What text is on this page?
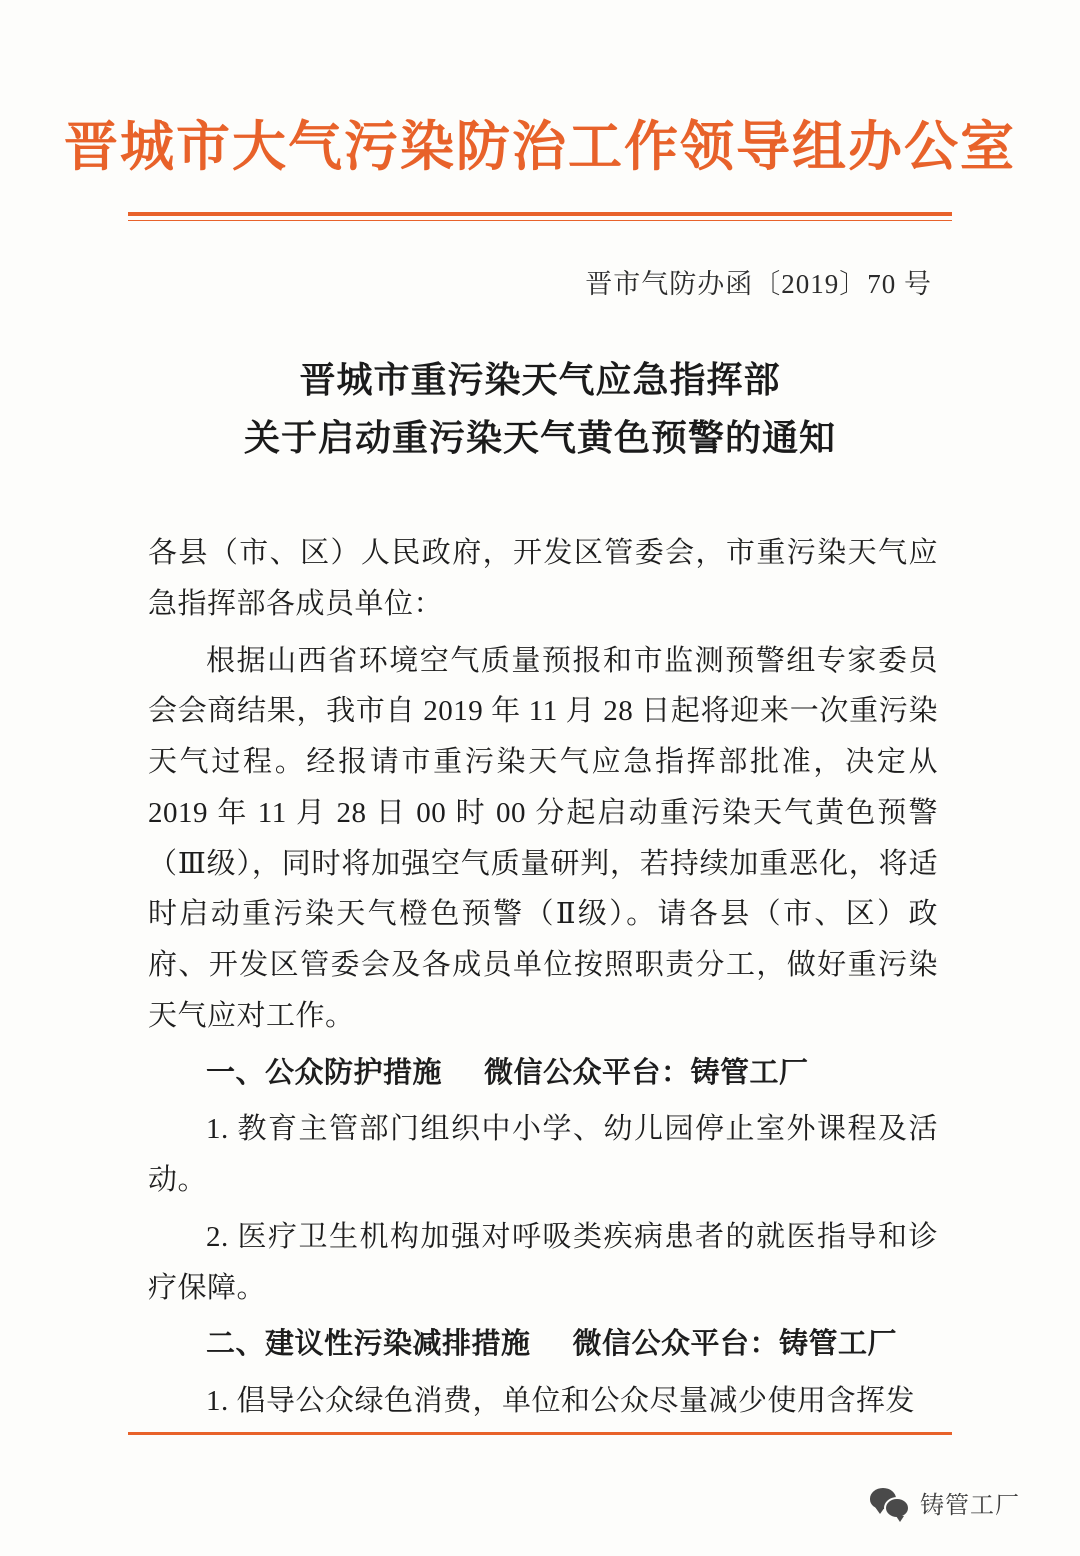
晋城市大气污染防治工作领导组办公室
晋市气防办函〔2019〕70 号
晋城市重污染天气应急指挥部
关于启动重污染天气黄色预警的通知

各县（市、区）人民政府，开发区管委会，市重污染天气应急指挥部各成员单位：

根据山西省环境空气质量预报和市监测预警组专家委员会会商结果，我市自 2019 年 11 月 28 日起将迎来一次重污染天气过程。经报请市重污染天气应急指挥部批准，决定从 2019 年 11 月 28 日 00 时 00 分起启动重污染天气黄色预警（Ⅲ级），同时将加强空气质量研判，若持续加重恶化，将适时启动重污染天气橙色预警（Ⅱ级）。请各县（市、区）政府、开发区管委会及各成员单位按照职责分工，做好重污染天气应对工作。

一、公众防护措施 微信公众平台：铸管工厂

1. 教育主管部门组织中小学、幼儿园停止室外课程及活动。

2. 医疗卫生机构加强对呼吸类疾病患者的就医指导和诊疗保障。

二、建议性污染减排措施 微信公众平台：铸管工厂

1. 倡导公众绿色消费，单位和公众尽量减少使用含挥发

铸管工厂
